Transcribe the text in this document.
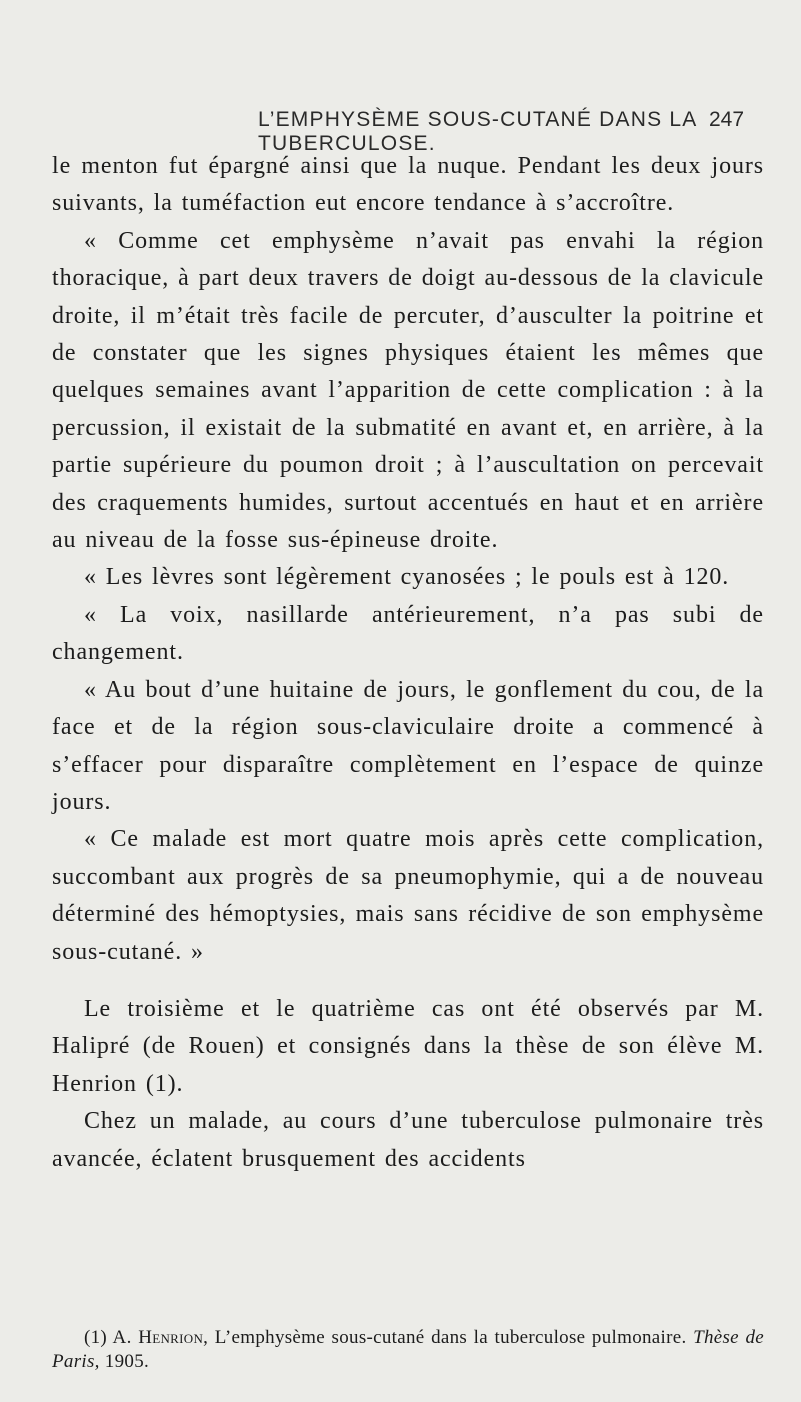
L’EMPHYSÈME SOUS-CUTANÉ DANS LA TUBERCULOSE.
247

le menton fut épargné ainsi que la nuque. Pendant les deux jours suivants, la tuméfaction eut encore tendance à s’accroître.

« Comme cet emphysème n’avait pas envahi la région thoracique, à part deux travers de doigt au-dessous de la clavicule droite, il m’était très facile de percuter, d’ausculter la poitrine et de constater que les signes physiques étaient les mêmes que quelques semaines avant l’apparition de cette complication : à la percussion, il existait de la submatité en avant et, en arrière, à la partie supérieure du poumon droit ; à l’auscultation on percevait des craquements humides, surtout accentués en haut et en arrière au niveau de la fosse sus-épineuse droite.

« Les lèvres sont légèrement cyanosées ; le pouls est à 120.

« La voix, nasillarde antérieurement, n’a pas subi de changement.

« Au bout d’une huitaine de jours, le gonflement du cou, de la face et de la région sous-claviculaire droite a commencé à s’effacer pour disparaître complètement en l’espace de quinze jours.

« Ce malade est mort quatre mois après cette complication, succombant aux progrès de sa pneumophymie, qui a de nouveau déterminé des hémoptysies, mais sans récidive de son emphysème sous-cutané. »

Le troisième et le quatrième cas ont été observés par M. Halipré (de Rouen) et consignés dans la thèse de son élève M. Henrion (1).

Chez un malade, au cours d’une tuberculose pulmonaire très avancée, éclatent brusquement des accidents

(1) A. Henrion, L’emphysème sous-cutané dans la tuberculose pulmonaire. Thèse de Paris, 1905.
